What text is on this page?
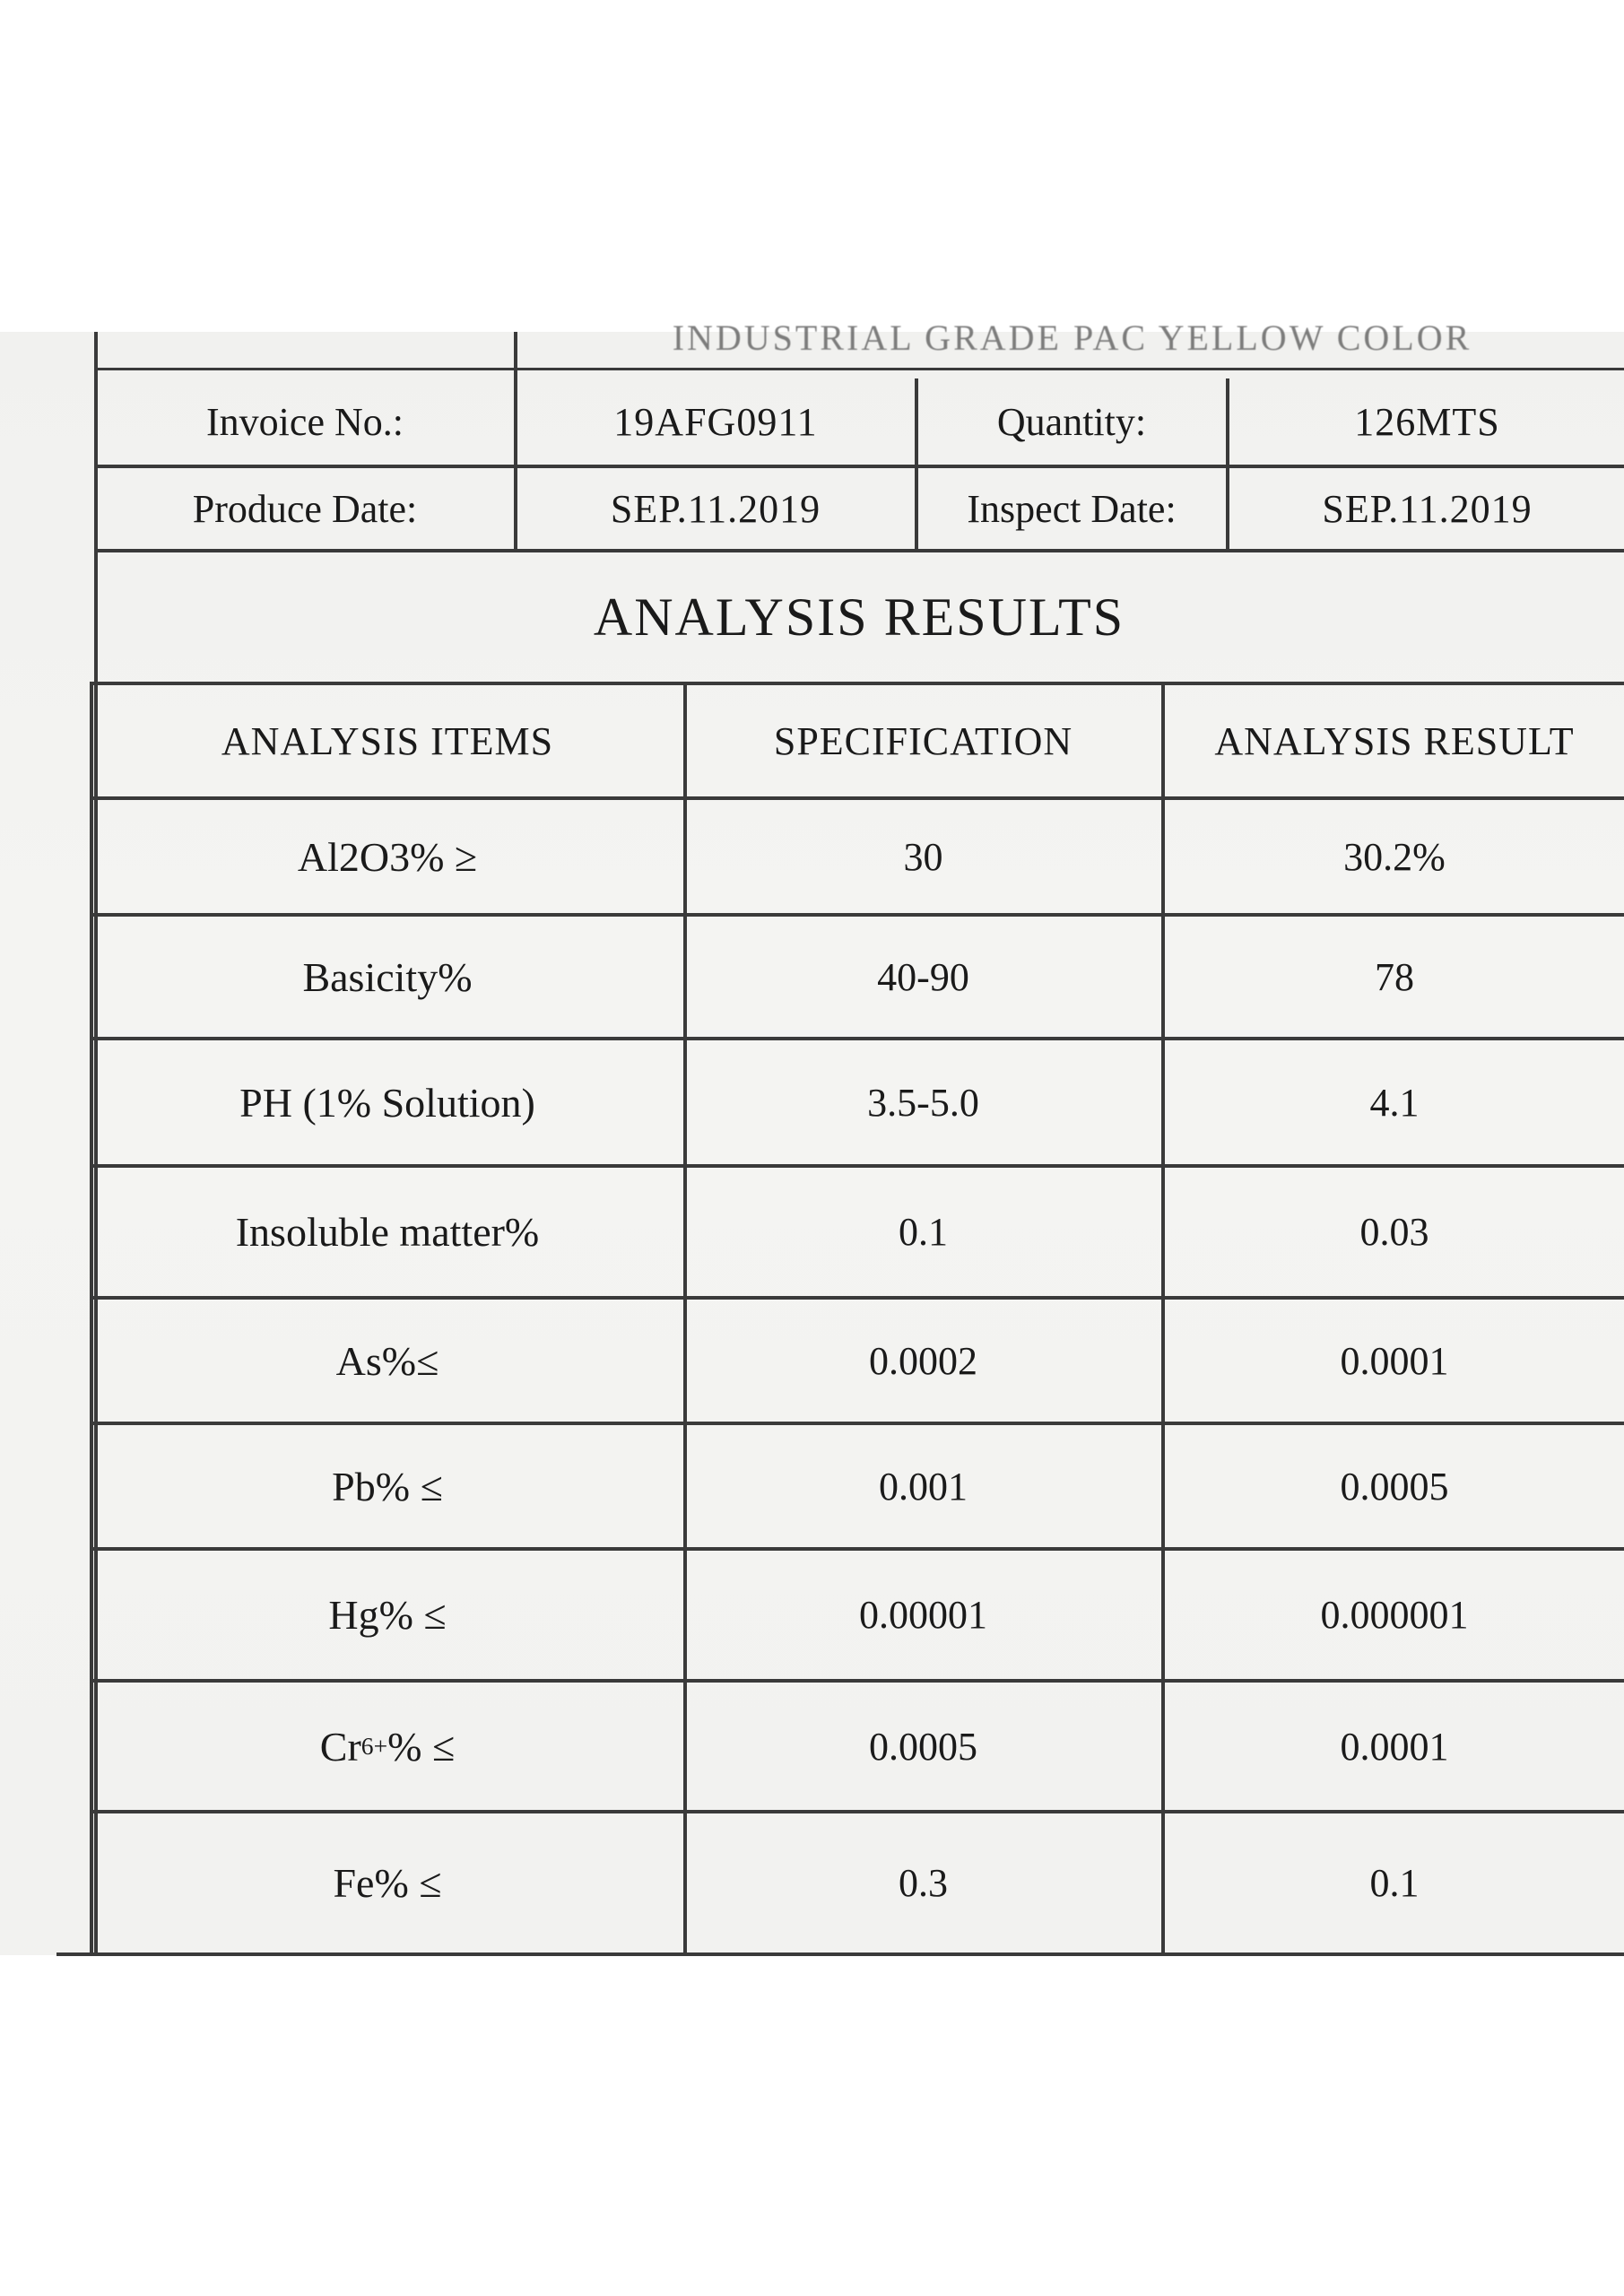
INDUSTRIAL GRADE PAC YELLOW COLOR
Invoice No.:	19AFG0911	Quantity:	126MTS
Produce Date:	SEP.11.2019	Inspect Date:	SEP.11.2019
ANALYSIS RESULTS
ANALYSIS ITEMS	SPECIFICATION	ANALYSIS RESULT
Al2O3% ≥	30	30.2%
Basicity%	40-90	78
PH (1% Solution)	3.5-5.0	4.1
Insoluble matter%	0.1	0.03
As%≤	0.0002	0.0001
Pb% ≤	0.001	0.0005
Hg% ≤	0.00001	0.000001
Cr 6+ % ≤	0.0005	0.0001
Fe% ≤	0.3	0.1
